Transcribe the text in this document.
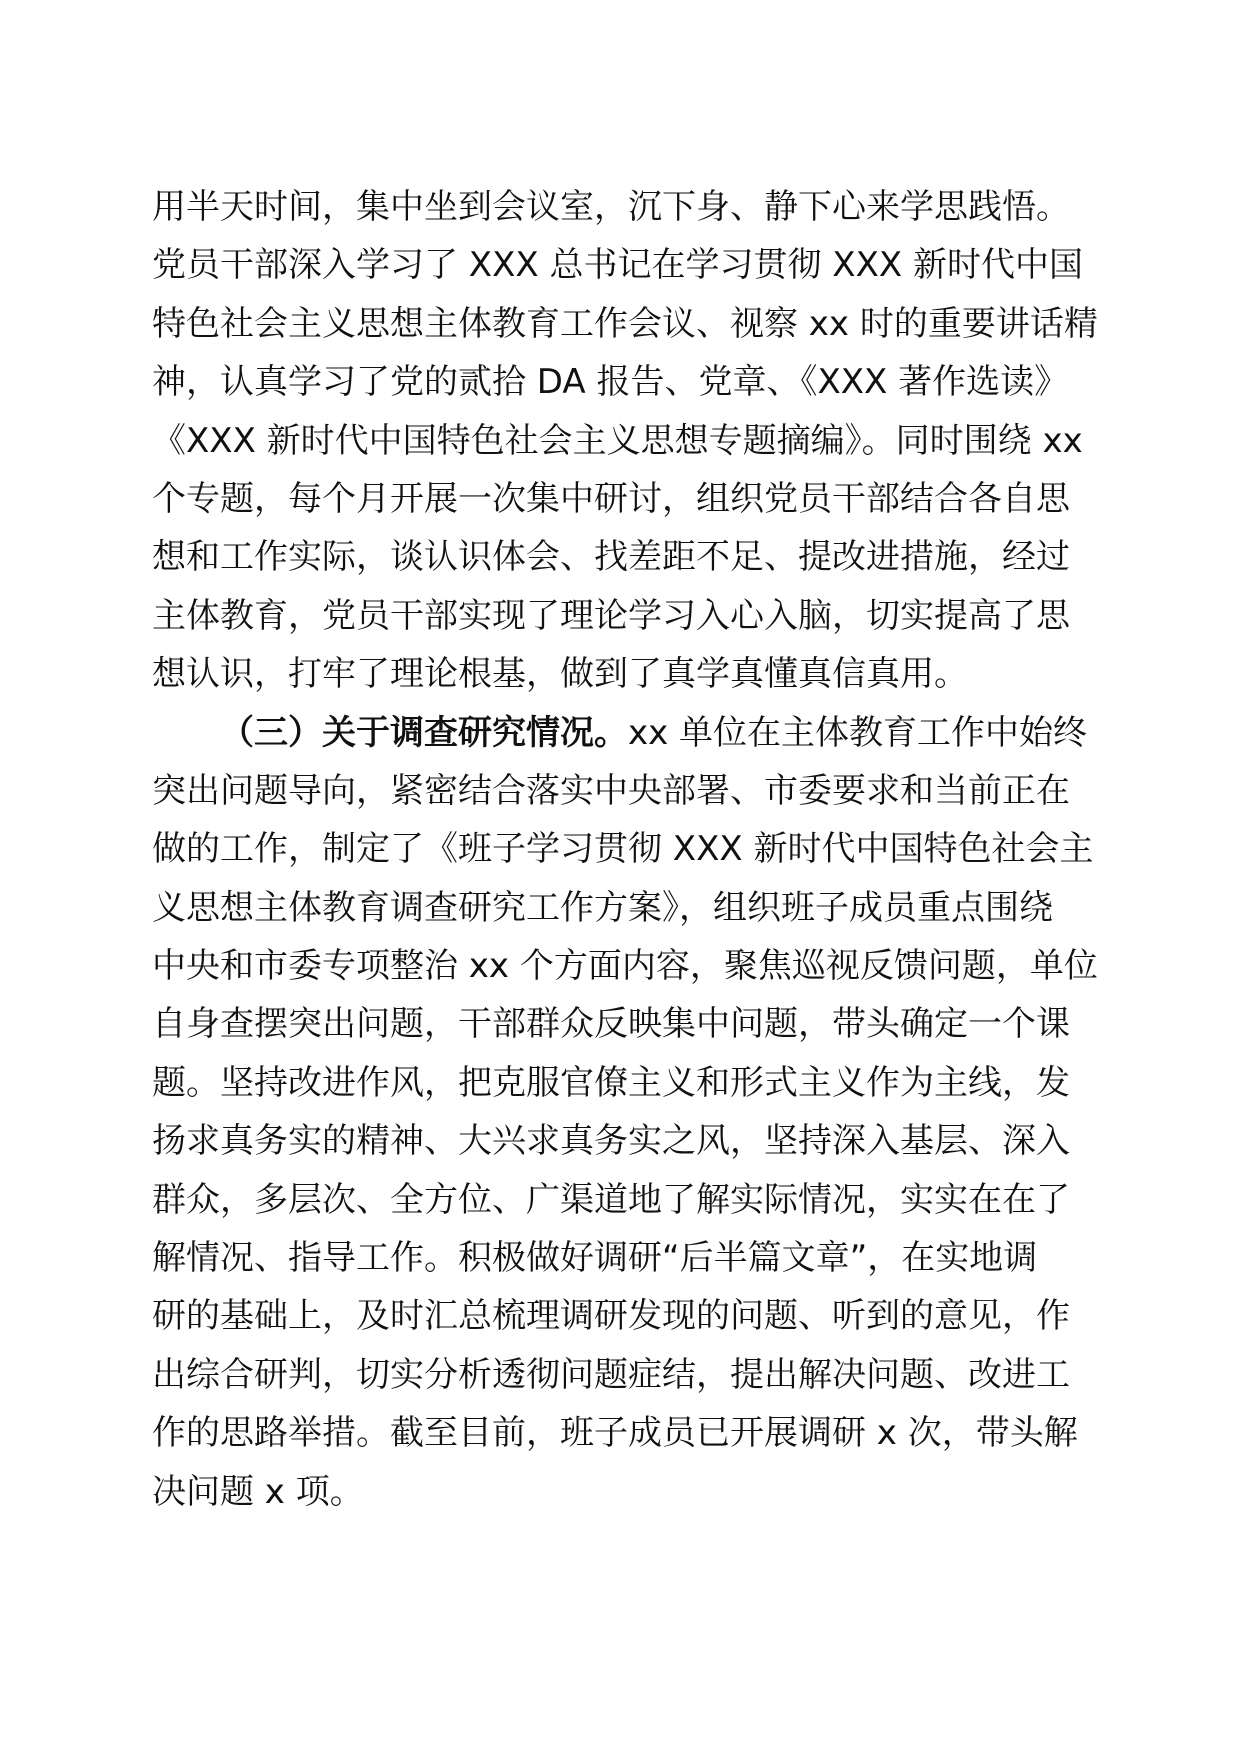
用半天时间，集中坐到会议室，沉下身、静下心来学思践悟。
党员干部深入学习了 XXX 总书记在学习贯彻 XXX 新时代中国
特色社会主义思想主体教育工作会议、视察 xx 时的重要讲话精
神，认真学习了党的贰拾 DA 报告、党章、《XXX 著作选读》
《XXX 新时代中国特色社会主义思想专题摘编》。同时围绕 xx
个专题，每个月开展一次集中研讨，组织党员干部结合各自思
想和工作实际，谈认识体会、找差距不足、提改进措施，经过
主体教育，党员干部实现了理论学习入心入脑，切实提高了思
想认识，打牢了理论根基，做到了真学真懂真信真用。
（三）关于调查研究情况。xx 单位在主体教育工作中始终
突出问题导向，紧密结合落实中央部署、市委要求和当前正在
做的工作，制定了《班子学习贯彻 XXX 新时代中国特色社会主
义思想主体教育调查研究工作方案》，组织班子成员重点围绕
中央和市委专项整治 xx 个方面内容，聚焦巡视反馈问题，单位
自身查摆突出问题，干部群众反映集中问题，带头确定一个课
题。坚持改进作风，把克服官僚主义和形式主义作为主线，发
扬求真务实的精神、大兴求真务实之风，坚持深入基层、深入
群众，多层次、全方位、广渠道地了解实际情况，实实在在了
解情况、指导工作。积极做好调研“后半篇文章”，在实地调
研的基础上，及时汇总梳理调研发现的问题、听到的意见，作
出综合研判，切实分析透彻问题症结，提出解决问题、改进工
作的思路举措。截至目前，班子成员已开展调研 x 次，带头解
决问题 x 项。
